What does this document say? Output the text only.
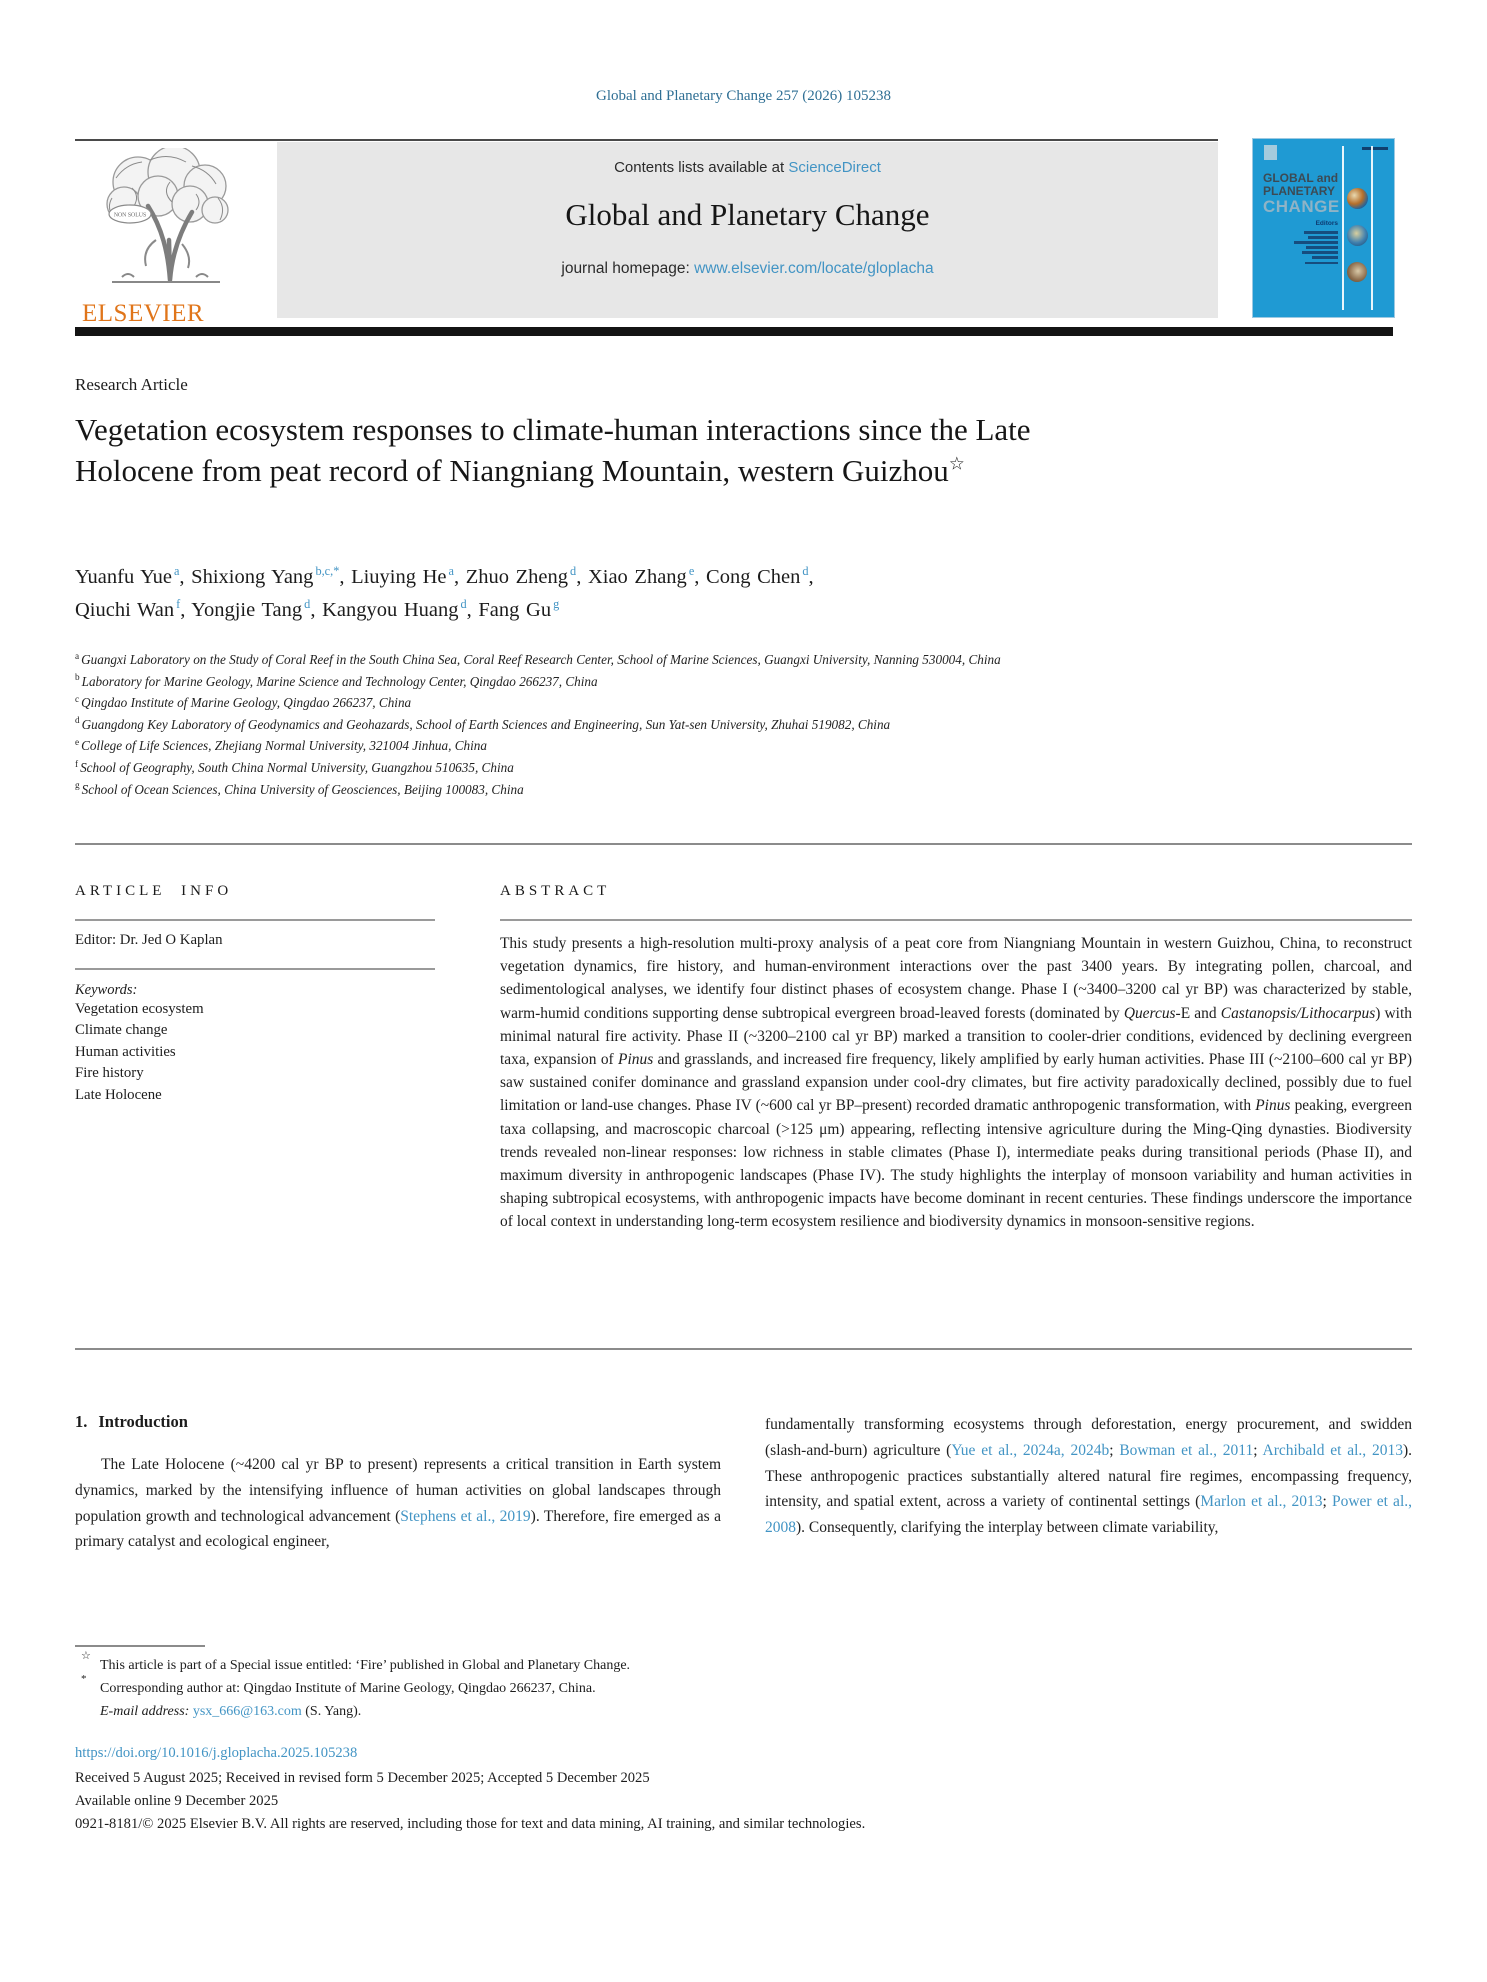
Global and Planetary Change 257 (2026) 105238
NON SOLUS
ELSEVIER
Contents lists available at ScienceDirect
Global and Planetary Change
journal homepage: www.elsevier.com/locate/gloplacha
GLOBAL and
PLANETARY
CHANGE
Editors
Research Article
Vegetation ecosystem responses to climate-human interactions since the Late Holocene from peat record of Niangniang Mountain, western Guizhou☆
Yuanfu Yue $^a$, Shixiong Yang $^{b,c,*}$, Liuying He $^a$, Zhuo Zheng $^d$, Xiao Zhang $^e$, Cong Chen $^d$,
Qiuchi Wan $^f$, Yongjie Tang $^d$, Kangyou Huang $^d$, Fang Gu $^g$
$^a$ Guangxi Laboratory on the Study of Coral Reef in the South China Sea, Coral Reef Research Center, School of Marine Sciences, Guangxi University, Nanning 530004, China
$^b$ Laboratory for Marine Geology, Marine Science and Technology Center, Qingdao 266237, China
$^c$ Qingdao Institute of Marine Geology, Qingdao 266237, China
$^d$ Guangdong Key Laboratory of Geodynamics and Geohazards, School of Earth Sciences and Engineering, Sun Yat-sen University, Zhuhai 519082, China
$^e$ College of Life Sciences, Zhejiang Normal University, 321004 Jinhua, China
$^f$ School of Geography, South China Normal University, Guangzhou 510635, China
$^g$ School of Ocean Sciences, China University of Geosciences, Beijing 100083, China
ARTICLE INFO
Editor: Dr. Jed O Kaplan
Keywords:
Vegetation ecosystem
Climate change
Human activities
Fire history
Late Holocene
ABSTRACT
This study presents a high-resolution multi-proxy analysis of a peat core from Niangniang Mountain in western Guizhou, China, to reconstruct vegetation dynamics, fire history, and human-environment interactions over the past 3400 years. By integrating pollen, charcoal, and sedimentological analyses, we identify four distinct phases of ecosystem change. Phase I (~3400–3200 cal yr BP) was characterized by stable, warm-humid conditions supporting dense subtropical evergreen broad-leaved forests (dominated by Quercus-E and Castanopsis/Lithocarpus) with minimal natural fire activity. Phase II (~3200–2100 cal yr BP) marked a transition to cooler-drier conditions, evidenced by declining evergreen taxa, expansion of Pinus and grasslands, and increased fire frequency, likely amplified by early human activities. Phase III (~2100–600 cal yr BP) saw sustained conifer dominance and grassland expansion under cool-dry climates, but fire activity paradoxically declined, possibly due to fuel limitation or land-use changes. Phase IV (~600 cal yr BP–present) recorded dramatic anthropogenic transformation, with Pinus peaking, evergreen taxa collapsing, and macroscopic charcoal (>125 μm) appearing, reflecting intensive agriculture during the Ming-Qing dynasties. Biodiversity trends revealed non-linear responses: low richness in stable climates (Phase I), intermediate peaks during transitional periods (Phase II), and maximum diversity in anthropogenic landscapes (Phase IV). The study highlights the interplay of monsoon variability and human activities in shaping subtropical ecosystems, with anthropogenic impacts have become dominant in recent centuries. These findings underscore the importance of local context in understanding long-term ecosystem resilience and biodiversity dynamics in monsoon-sensitive regions.
1. Introduction
The Late Holocene (~4200 cal yr BP to present) represents a critical transition in Earth system dynamics, marked by the intensifying influence of human activities on global landscapes through population growth and technological advancement (Stephens et al., 2019). Therefore, fire emerged as a primary catalyst and ecological engineer,
fundamentally transforming ecosystems through deforestation, energy procurement, and swidden (slash-and-burn) agriculture (Yue et al., 2024a, 2024b; Bowman et al., 2011; Archibald et al., 2013). These anthropogenic practices substantially altered natural fire regimes, encompassing frequency, intensity, and spatial extent, across a variety of continental settings (Marlon et al., 2013; Power et al., 2008). Consequently, clarifying the interplay between climate variability,
☆
This article is part of a Special issue entitled: ‘Fire’ published in Global and Planetary Change.
*
Corresponding author at: Qingdao Institute of Marine Geology, Qingdao 266237, China.
E-mail address: ysx_666@163.com (S. Yang).
https://doi.org/10.1016/j.gloplacha.2025.105238
Received 5 August 2025; Received in revised form 5 December 2025; Accepted 5 December 2025
Available online 9 December 2025
0921-8181/© 2025 Elsevier B.V. All rights are reserved, including those for text and data mining, AI training, and similar technologies.
